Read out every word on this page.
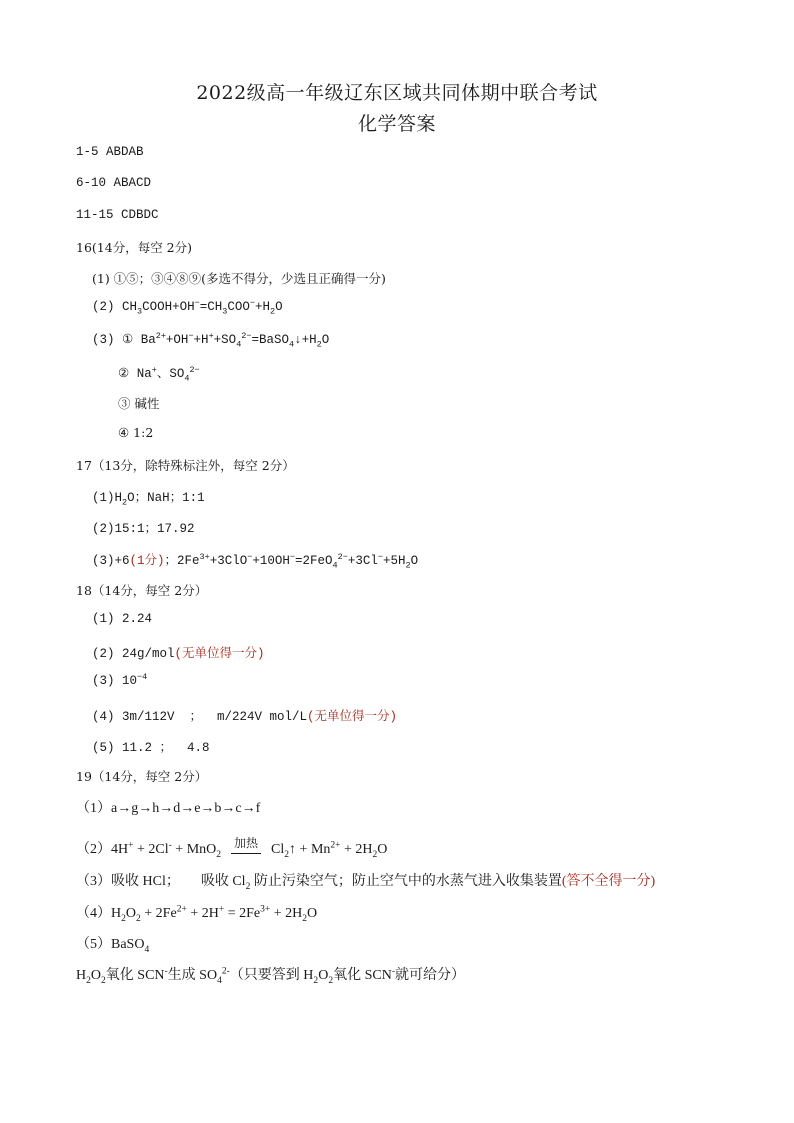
2022级高一年级辽东区域共同体期中联合考试
化学答案
1-5 ABDAB
6-10 ABACD
11-15 CDBDC
16(14分，每空 2分)
(1) ①⑤；③④⑧⑨(多选不得分，少选且正确得一分)
(2) $CH_3COOH+OH^-=CH_3COO^-+H_2O$
(3) ① $Ba^{2+}+OH^-+H^++SO_4^{2-}=BaSO_4↓+H_2O$
② Na+、$SO_4^{2-}$
③ 碱性
④ 1:2
17（13分，除特殊标注外，每空 2分）
$(1)H_2O$；NaH；1:1
(2)15:1；17.92
(3)+6(1分)；$2Fe^{3+}+3ClO^-+10OH^-=2FeO_4^{2-}+3Cl^-+5H_2O$
18（14分，每空 2分）
(1) 2.24
(2) 24g/mol(无单位得一分)
(3) $10^{-4}$
(4) 3m/112V  ；  m/224V mol/L(无单位得一分)
(5) 11.2 ；  4.8
19（14分，每空 2分）
（1）a→g→h→d→e→b→c→f
（2）4H+ + 2Cl- + MnO$_2$加热 $Cl_2↑ + Mn^{2+} + 2H_2O$
（3）吸收 HCl；      吸收 $Cl_2$ 防止污染空气；防止空气中的水蒸气进入收集装置(答不全得一分)
$(4)H_2O_2 + 2Fe^{2+} + 2H^+ = 2Fe^{3+} + 2H_2O$
（5）BaSO$_4$
$H_2O_2$氧化 SCN-生成 $SO_4^{2-}$（只要答到 $H_2O_2$氧化 SCN-就可给分）
